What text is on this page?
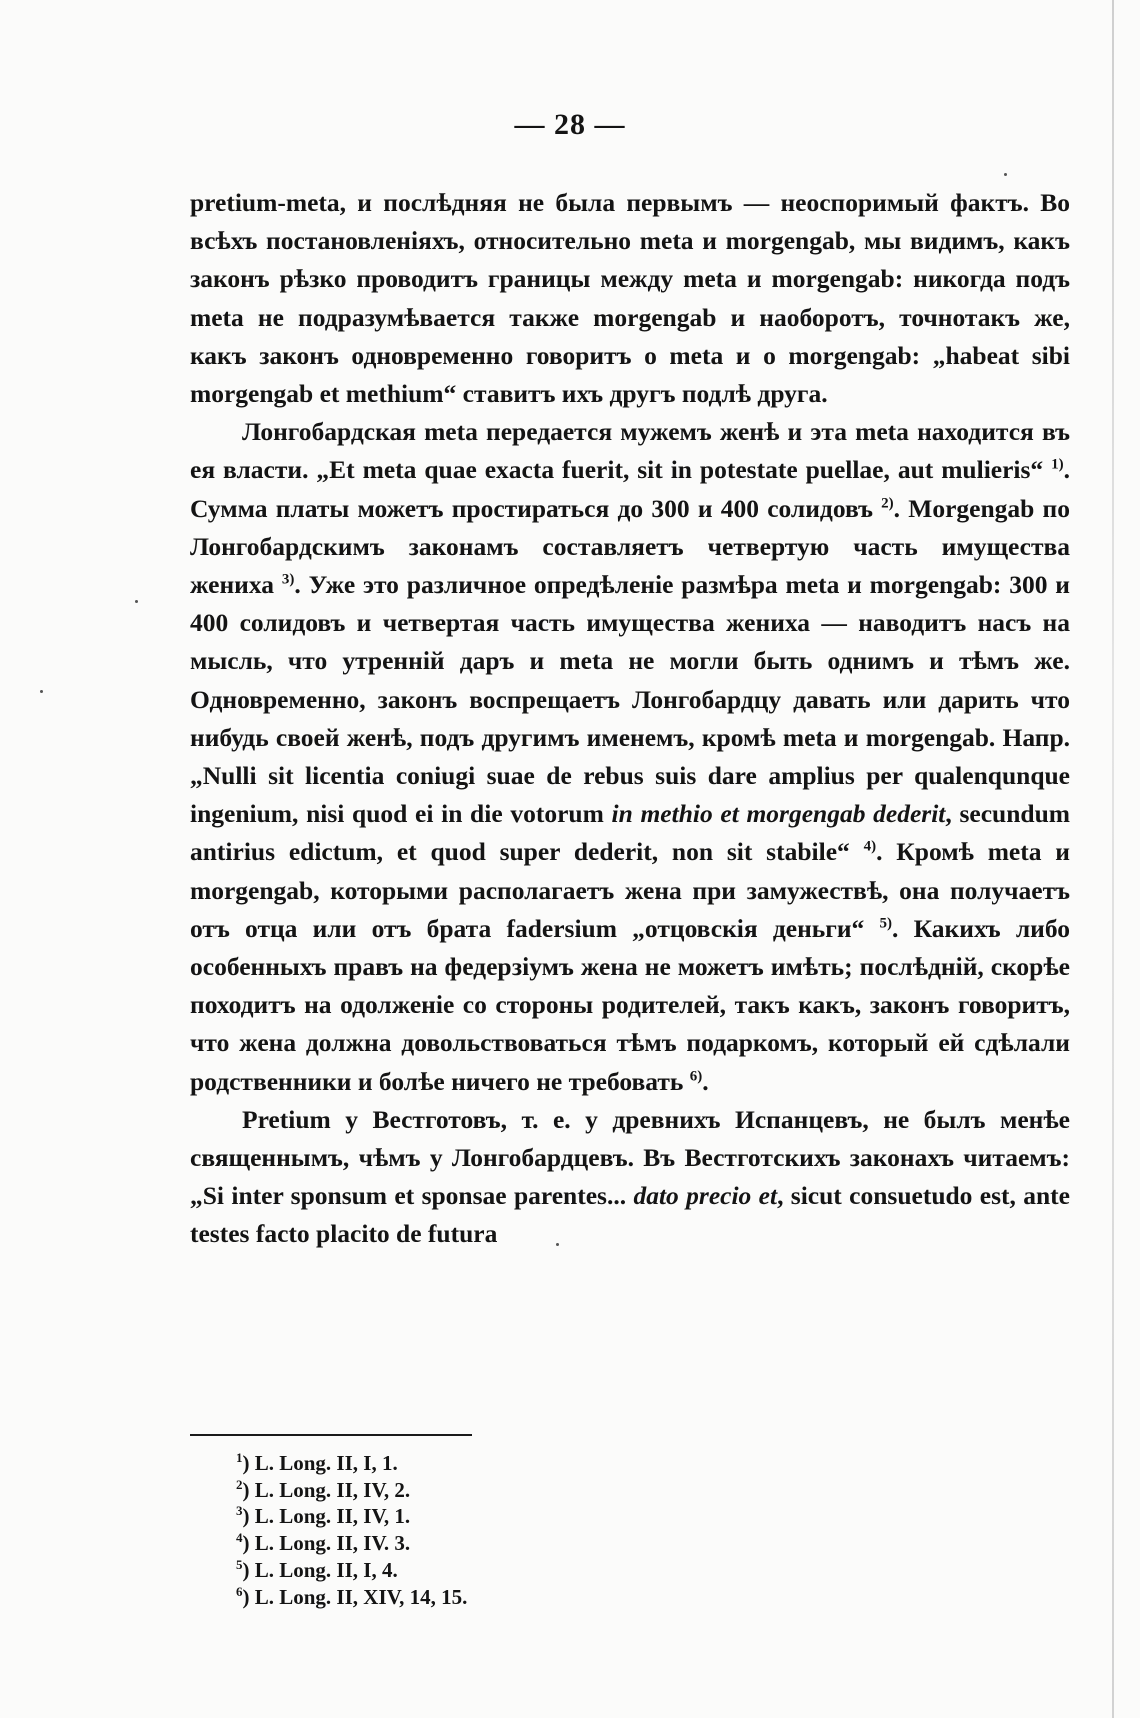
— 28 —

pretium-meta, и послѣдняя не была первымъ — неоспоримый фактъ. Во всѣхъ постановленіяхъ, относительно meta и morgengab, мы видимъ, какъ законъ рѣзко проводитъ границы между meta и morgengab: никогда подъ meta не подразумѣвается также morgengab и наоборотъ, точнотакъ же, какъ законъ одновременно говоритъ о meta и о morgengab: „habeat sibi morgengab et methium“ ставитъ ихъ другъ подлѣ друга.

Лонгобардская meta передается мужемъ женѣ и эта meta находится въ ея власти. „Et meta quae exacta fuerit, sit in potestate puellae, aut mulieris“ $^{1)}$. Сумма платы можетъ простираться до 300 и 400 солидовъ $^{2)}$. Morgengab по Лонгобардскимъ законамъ составляетъ четвертую часть имущества жениха $^{3)}$. Уже это различное опредѣленіе размѣра meta и morgengab: 300 и 400 солидовъ и четвертая часть имущества жениха — наводитъ насъ на мысль, что утренній даръ и meta не могли быть однимъ и тѣмъ же. Одновременно, законъ воспрещаетъ Лонгобардцу давать или дарить что нибудь своей женѣ, подъ другимъ именемъ, кромѣ meta и morgengab. Напр. „Nulli sit licentia coniugi suae de rebus suis dare amplius per qualenqunque ingenium, nisi quod ei in die votorum in methio et morgengab dederit, secundum antirius edictum, et quod super dederit, non sit stabile“ $^{4)}$. Кромѣ meta и morgengab, которыми располагаетъ жена при замужествѣ, она получаетъ отъ отца или отъ брата fadersium „отцовскія деньги“ $^{5)}$. Какихъ либо особенныхъ правъ на федерзіумъ жена не можетъ имѣть; послѣдній, скорѣе походитъ на одолженіе со стороны родителей, такъ какъ, законъ говоритъ, что жена должна довольствоваться тѣмъ подаркомъ, который ей сдѣлали родственники и болѣе ничего не требовать $^{6)}$.

Pretium у Вестготовъ, т. е. у древнихъ Испанцевъ, не былъ менѣе священнымъ, чѣмъ у Лонгобардцевъ. Въ Вестготскихъ законахъ читаемъ: „Si inter sponsum et sponsae parentes... dato precio et, sicut consuetudo est, ante testes facto placito de futura

$^1$) L. Long. II, I, 1.
$^2$) L. Long. II, IV, 2.
$^3$) L. Long. II, IV, 1.
$^4$) L. Long. II, IV. 3.
$^5$) L. Long. II, I, 4.
$^6$) L. Long. II, XIV, 14, 15.
